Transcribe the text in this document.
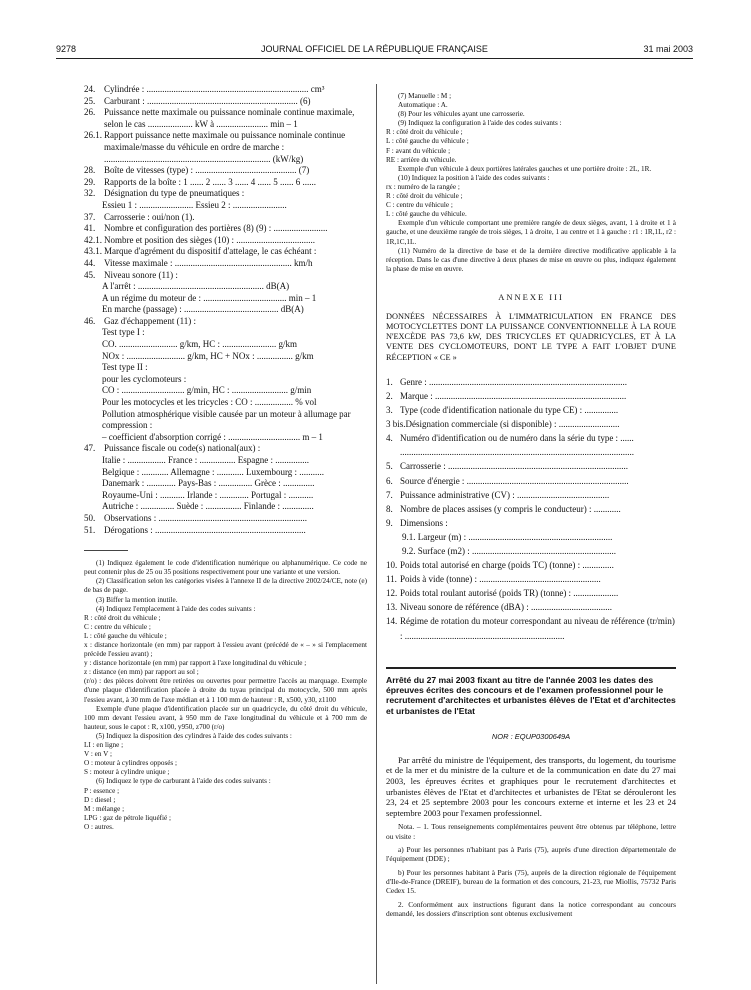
9278	JOURNAL OFFICIEL DE LA RÉPUBLIQUE FRANÇAISE	31 mai 2003
24. Cylindrée : ........................................................................ cm³
25. Carburant : ................................................................... (6)
26. Puissance nette maximale ou puissance nominale continue maximale, selon le cas .................... kW à ....................... min – 1
26.1. Rapport puissance nette maximale ou puissance nominale continue maximale/masse du véhicule en ordre de marche : .......................................................................... (kW/kg)
28. Boîte de vitesses (type) : ............................................. (7)
29. Rapports de la boîte : 1 ...... 2 ...... 3 ...... 4 ...... 5 ...... 6 ......
32. Désignation du type de pneumatiques :
Essieu 1 : ........................ Essieu 2 : ........................
37. Carrosserie : oui/non (1).
41. Nombre et configuration des portières (8) (9) : ........................
42.1. Nombre et position des sièges (10) : ...................................
43.1. Marque d'agrément du dispositif d'attelage, le cas échéant :
44. Vitesse maximale : .................................................... km/h
45. Niveau sonore (11) :
A l'arrêt : ........................................................ dB(A)
A un régime du moteur de : ..................................... min – 1
En marche (passage) : .......................................... dB(A)
46. Gaz d'échappement (11) :
Test type I :
CO. .......................... g/km, HC : ........................ g/km
NOx : .......................... g/km, HC + NOx : ................ g/km
Test type II :
pour les cyclomoteurs :
CO : ............................ g/min, HC : ......................... g/min
Pour les motocycles et les tricycles : CO : ................. % vol
Pollution atmosphérique visible causée par un moteur à allumage par compression :
– coefficient d'absorption corrigé : ................................ m – 1
47. Puissance fiscale ou code(s) national(aux) :
Italie : ................. France : ................ Espagne : ...............
Belgique : ............ Allemagne : ............ Luxembourg : ...........
Danemark : ............. Pays-Bas : ............... Grèce : ..............
Royaume-Uni : ........... Irlande : ............. Portugal : ...........
Autriche : ............... Suède : ................ Finlande : ..............
50. Observations : ..................................................................
51. Dérogations : ...................................................................
(1) Indiquez également le code d'identification numérique ou alphanumérique. Ce code ne peut contenir plus de 25 ou 35 positions respectivement pour une variante et une version.
(2) Classification selon les catégories visées à l'annexe II de la directive 2002/24/CE, note (e) de bas de page.
(3) Biffer la mention inutile.
(4) Indiquez l'emplacement à l'aide des codes suivants :
R : côté droit du véhicule ;
C : centre du véhicule ;
L : côté gauche du véhicule ;
x : distance horizontale (en mm) par rapport à l'essieu avant (précédé de « – » si l'emplacement précède l'essieu avant) ;
y : distance horizontale (en mm) par rapport à l'axe longitudinal du véhicule ;
z : distance (en mm) par rapport au sol ;
(r/o) : des pièces doivent être retirées ou ouvertes pour permettre l'accès au marquage. Exemple d'une plaque d'identification placée à droite du tuyau principal du motocycle, 500 mm après l'essieu avant, à 30 mm de l'axe médian et à 1 100 mm de hauteur : R, x500, y30, z1100
Exemple d'une plaque d'identification placée sur un quadricycle, du côté droit du véhicule, 100 mm devant l'essieu avant, à 950 mm de l'axe longitudinal du véhicule et à 700 mm de hauteur, sous le capot : R, x100, y950, z700 (r/o)
(5) Indiquez la disposition des cylindres à l'aide des codes suivants :
LI : en ligne ;
V : en V ;
O : moteur à cylindres opposés ;
S : moteur à cylindre unique ;
(6) Indiquez le type de carburant à l'aide des codes suivants :
P : essence ;
D : diesel ;
M : mélange ;
LPG : gaz de pétrole liquéfié ;
O : autres.
(7) Manuelle : M ;
Automatique : A.
(8) Pour les véhicules ayant une carrosserie.
(9) Indiquez la configuration à l'aide des codes suivants :
R : côté droit du véhicule ;
L : côté gauche du véhicule ;
F : avant du véhicule ;
RE : arrière du véhicule.
Exemple d'un véhicule à deux portières latérales gauches et une portière droite : 2L, 1R.
(10) Indiquez la position à l'aide des codes suivants :
rx : numéro de la rangée ;
R : côté droit du véhicule ;
C : centre du véhicule ;
L : côté gauche du véhicule.
Exemple d'un véhicule comportant une première rangée de deux sièges, avant, 1 à droite et 1 à gauche, et une deuxième rangée de trois sièges, 1 à droite, 1 au centre et 1 à gauche : r1 : 1R,1L, r2 : 1R,1C,1L.
(11) Numéro de la directive de base et de la dernière directive modificative applicable à la réception. Dans le cas d'une directive à deux phases de mise en œuvre ou plus, indiquez également la phase de mise en œuvre.
ANNEXE III
DONNÉES NÉCESSAIRES À L'IMMATRICULATION EN FRANCE DES MOTOCYCLETTES DONT LA PUISSANCE CONVENTIONNELLE À LA ROUE N'EXCÈDE PAS 73,6 kW, DES TRICYCLES ET QUADRICYCLES, ET À LA VENTE DES CYCLOMOTEURS, DONT LE TYPE A FAIT L'OBJET D'UNE RÉCEPTION « CE »
1. Genre : ........................................................................................
2. Marque : .....................................................................................
3. Type (code d'identification nationale du type CE) : ...............
3 bis. Désignation commerciale (si disponible) : ...........................
4. Numéro d'identification ou de numéro dans la série du type : ......
........................................................................................................
5. Carrosserie : ................................................................................
6. Source d'énergie : ........................................................................
7. Puissance administrative (CV) : .........................................
8. Nombre de places assises (y compris le conducteur) : ............
9. Dimensions :
9.1. Largeur (m) : ................................................................
9.2. Surface (m2) : ................................................................
10. Poids total autorisé en charge (poids TC) (tonne) : ..............
11. Poids à vide (tonne) : ......................................................
12. Poids total roulant autorisé (poids TR) (tonne) : ....................
13. Niveau sonore de référence (dBA) : ....................................
14. Régime de rotation du moteur correspondant au niveau de référence (tr/min) : .......................................................................
Arrêté du 27 mai 2003 fixant au titre de l'année 2003 les dates des épreuves écrites des concours et de l'examen professionnel pour le recrutement d'architectes et urbanistes élèves de l'Etat et d'architectes et urbanistes de l'Etat
NOR : EQUP0300649A
Par arrêté du ministre de l'équipement, des transports, du logement, du tourisme et de la mer et du ministre de la culture et de la communication en date du 27 mai 2003, les épreuves écrites et graphiques pour le recrutement d'architectes et urbanistes élèves de l'Etat et d'architectes et urbanistes de l'Etat se dérouleront les 23, 24 et 25 septembre 2003 pour les concours externe et interne et les 23 et 24 septembre 2003 pour l'examen professionnel.
Nota. – 1. Tous renseignements complémentaires peuvent être obtenus par téléphone, lettre ou visite :
a) Pour les personnes n'habitant pas à Paris (75), auprès d'une direction départementale de l'équipement (DDE) ;
b) Pour les personnes habitant à Paris (75), auprès de la direction régionale de l'équipement d'Ile-de-France (DREIF), bureau de la formation et des concours, 21-23, rue Miollis, 75732 Paris Cedex 15.
2. Conformément aux instructions figurant dans la notice correspondant au concours demandé, les dossiers d'inscription sont obtenus exclusivement
